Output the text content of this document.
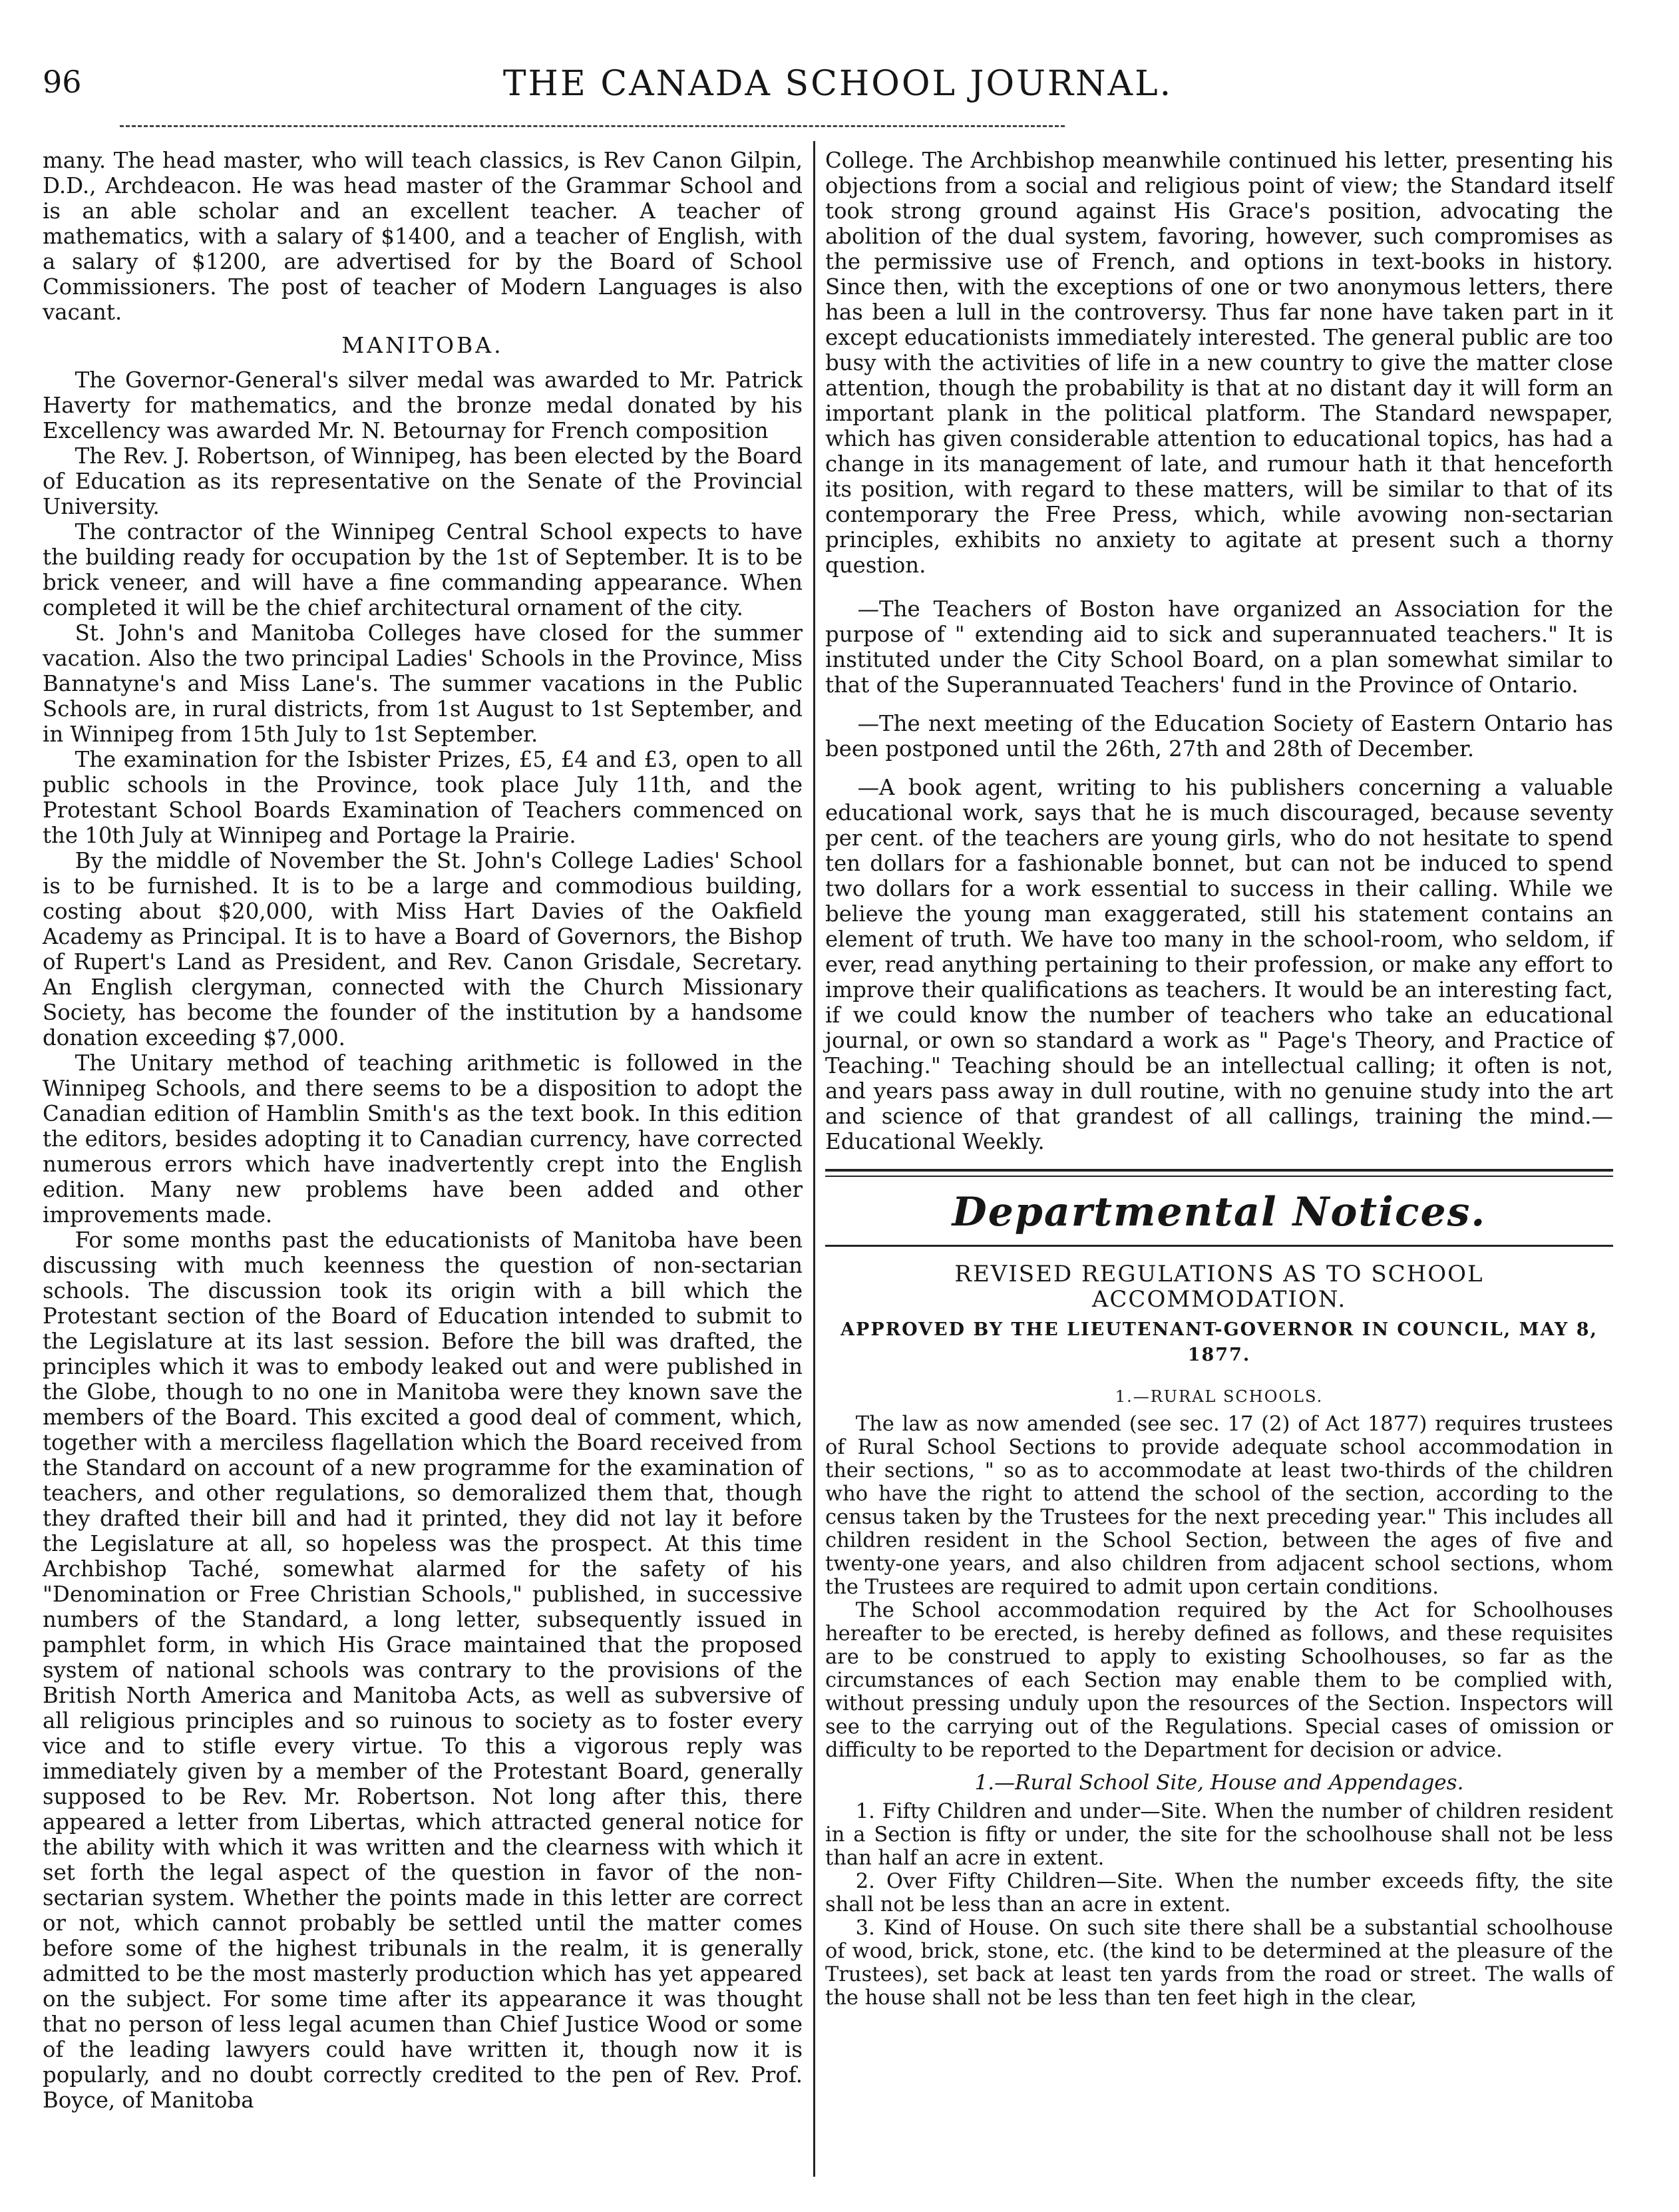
96	THE CANADA SCHOOL JOURNAL.

many. The head master, who will teach classics, is Rev Canon Gilpin, D.D., Archdeacon. He was head master of the Grammar School and is an able scholar and an excellent teacher. A teacher of mathematics, with a salary of $1400, and a teacher of English, with a salary of $1200, are advertised for by the Board of School Commissioners. The post of teacher of Modern Languages is also vacant.

MANITOBA.

The Governor-General's silver medal was awarded to Mr. Patrick Haverty for mathematics, and the bronze medal donated by his Excellency was awarded Mr. N. Betournay for French composition

The Rev. J. Robertson, of Winnipeg, has been elected by the Board of Education as its representative on the Senate of the Provincial University.

The contractor of the Winnipeg Central School expects to have the building ready for occupation by the 1st of September. It is to be brick veneer, and will have a fine commanding appearance. When completed it will be the chief architectural ornament of the city.

St. John's and Manitoba Colleges have closed for the summer vacation. Also the two principal Ladies' Schools in the Province, Miss Bannatyne's and Miss Lane's. The summer vacations in the Public Schools are, in rural districts, from 1st August to 1st September, and in Winnipeg from 15th July to 1st September.

The examination for the Isbister Prizes, £5, £4 and £3, open to all public schools in the Province, took place July 11th, and the Protestant School Boards Examination of Teachers commenced on the 10th July at Winnipeg and Portage la Prairie.

By the middle of November the St. John's College Ladies' School is to be furnished. It is to be a large and commodious building, costing about $20,000, with Miss Hart Davies of the Oakfield Academy as Principal. It is to have a Board of Governors, the Bishop of Rupert's Land as President, and Rev. Canon Grisdale, Secretary. An English clergyman, connected with the Church Missionary Society, has become the founder of the institution by a handsome donation exceeding $7,000.

The Unitary method of teaching arithmetic is followed in the Winnipeg Schools, and there seems to be a disposition to adopt the Canadian edition of Hamblin Smith's as the text book. In this edition the editors, besides adopting it to Canadian currency, have corrected numerous errors which have inadvertently crept into the English edition. Many new problems have been added and other improvements made.

For some months past the educationists of Manitoba have been discussing with much keenness the question of non-sectarian schools. The discussion took its origin with a bill which the Protestant section of the Board of Education intended to submit to the Legislature at its last session. Before the bill was drafted, the principles which it was to embody leaked out and were published in the Globe, though to no one in Manitoba were they known save the members of the Board. This excited a good deal of comment, which, together with a merciless flagellation which the Board received from the Standard on account of a new programme for the examination of teachers, and other regulations, so demoralized them that, though they drafted their bill and had it printed, they did not lay it before the Legislature at all, so hopeless was the prospect. At this time Archbishop Taché, somewhat alarmed for the safety of his "Denomination or Free Christian Schools," published, in successive numbers of the Standard, a long letter, subsequently issued in pamphlet form, in which His Grace maintained that the proposed system of national schools was contrary to the provisions of the British North America and Manitoba Acts, as well as subversive of all religious principles and so ruinous to society as to foster every vice and to stifle every virtue. To this a vigorous reply was immediately given by a member of the Protestant Board, generally supposed to be Rev. Mr. Robertson. Not long after this, there appeared a letter from Libertas, which attracted general notice for the ability with which it was written and the clearness with which it set forth the legal aspect of the question in favor of the non-sectarian system. Whether the points made in this letter are correct or not, which cannot probably be settled until the matter comes before some of the highest tribunals in the realm, it is generally admitted to be the most masterly production which has yet appeared on the subject. For some time after its appearance it was thought that no person of less legal acumen than Chief Justice Wood or some of the leading lawyers could have written it, though now it is popularly, and no doubt correctly credited to the pen of Rev. Prof. Boyce, of Manitoba

College. The Archbishop meanwhile continued his letter, presenting his objections from a social and religious point of view; the Standard itself took strong ground against His Grace's position, advocating the abolition of the dual system, favoring, however, such compromises as the permissive use of French, and options in text-books in history. Since then, with the exceptions of one or two anonymous letters, there has been a lull in the controversy. Thus far none have taken part in it except educationists immediately interested. The general public are too busy with the activities of life in a new country to give the matter close attention, though the probability is that at no distant day it will form an important plank in the political platform. The Standard newspaper, which has given considerable attention to educational topics, has had a change in its management of late, and rumour hath it that henceforth its position, with regard to these matters, will be similar to that of its contemporary the Free Press, which, while avowing non-sectarian principles, exhibits no anxiety to agitate at present such a thorny question.

—The Teachers of Boston have organized an Association for the purpose of " extending aid to sick and superannuated teachers." It is instituted under the City School Board, on a plan somewhat similar to that of the Superannuated Teachers' fund in the Province of Ontario.

—The next meeting of the Education Society of Eastern Ontario has been postponed until the 26th, 27th and 28th of December.

—A book agent, writing to his publishers concerning a valuable educational work, says that he is much discouraged, because seventy per cent. of the teachers are young girls, who do not hesitate to spend ten dollars for a fashionable bonnet, but can not be induced to spend two dollars for a work essential to success in their calling. While we believe the young man exaggerated, still his statement contains an element of truth. We have too many in the school-room, who seldom, if ever, read anything pertaining to their profession, or make any effort to improve their qualifications as teachers. It would be an interesting fact, if we could know the number of teachers who take an educational journal, or own so standard a work as " Page's Theory, and Practice of Teaching." Teaching should be an intellectual calling; it often is not, and years pass away in dull routine, with no genuine study into the art and science of that grandest of all callings, training the mind.—Educational Weekly.

Departmental Notices.
REVISED REGULATIONS AS TO SCHOOL ACCOMMODATION.
APPROVED BY THE LIEUTENANT-GOVERNOR IN COUNCIL, MAY 8, 1877.
1.—RURAL SCHOOLS.

The law as now amended (see sec. 17 (2) of Act 1877) requires trustees of Rural School Sections to provide adequate school accommodation in their sections, " so as to accommodate at least two-thirds of the children who have the right to attend the school of the section, according to the census taken by the Trustees for the next preceding year." This includes all children resident in the School Section, between the ages of five and twenty-one years, and also children from adjacent school sections, whom the Trustees are required to admit upon certain conditions.

The School accommodation required by the Act for Schoolhouses hereafter to be erected, is hereby defined as follows, and these requisites are to be construed to apply to existing Schoolhouses, so far as the circumstances of each Section may enable them to be complied with, without pressing unduly upon the resources of the Section. Inspectors will see to the carrying out of the Regulations. Special cases of omission or difficulty to be reported to the Department for decision or advice.

1.—Rural School Site, House and Appendages.

1. Fifty Children and under—Site. When the number of children resident in a Section is fifty or under, the site for the schoolhouse shall not be less than half an acre in extent.

2. Over Fifty Children—Site. When the number exceeds fifty, the site shall not be less than an acre in extent.

3. Kind of House. On such site there shall be a substantial schoolhouse of wood, brick, stone, etc. (the kind to be determined at the pleasure of the Trustees), set back at least ten yards from the road or street. The walls of the house shall not be less than ten feet high in the clear,
